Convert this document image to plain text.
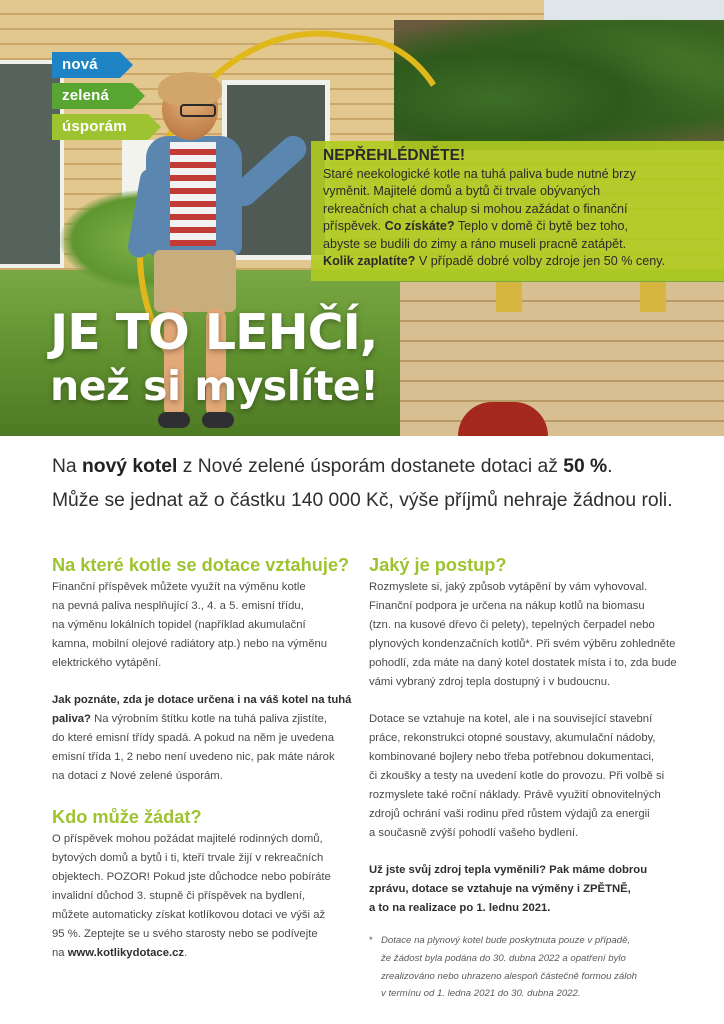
nová
zelená
úsporám
NEPŘEHLÉDNĚTE!
Staré neekologické kotle na tuhá paliva bude nutné brzy
vyměnit. Majitelé domů a bytů či trvale obývaných
rekreačních chat a chalup si mohou zažádat o finanční
příspěvek. Co získáte? Teplo v domě či bytě bez toho,
abyste se budili do zimy a ráno museli pracně zatápět.
Kolik zaplatíte? V případě dobré volby zdroje jen 50 % ceny.
JE TO LEHČÍ,
než si myslíte!
Na nový kotel z Nové zelené úsporám dostanete dotaci až 50 %.
Může se jednat až o částku 140 000 Kč, výše příjmů nehraje žádnou roli.
Na které kotle se dotace vztahuje?

Finanční příspěvek můžete využít na výměnu kotle
na pevná paliva nesplňující 3., 4. a 5. emisní třídu,
na výměnu lokálních topidel (například akumulační
kamna, mobilní olejové radiátory atp.) nebo na výměnu
elektrického vytápění.

Jak poznáte, zda je dotace určena i na váš kotel na tuhá
paliva? Na výrobním štítku kotle na tuhá paliva zjistíte,
do které emisní třídy spadá. A pokud na něm je uvedena
emisní třída 1, 2 nebo není uvedeno nic, pak máte nárok
na dotaci z Nové zelené úsporám.

Kdo může žádat?

O příspěvek mohou požádat majitelé rodinných domů,
bytových domů a bytů i ti, kteří trvale žijí v rekreačních
objektech. POZOR! Pokud jste důchodce nebo pobíráte
invalidní důchod 3. stupně či příspěvek na bydlení,
můžete automaticky získat kotlíkovou dotaci ve výši až
95 %. Zeptejte se u svého starosty nebo se podívejte
na www.kotlikydotace.cz.

Jaký je postup?

Rozmyslete si, jaký způsob vytápění by vám vyhovoval.
Finanční podpora je určena na nákup kotlů na biomasu
(tzn. na kusové dřevo či pelety), tepelných čerpadel nebo
plynových kondenzačních kotlů*. Při svém výběru zohledněte
pohodlí, zda máte na daný kotel dostatek místa i to, zda bude
vámi vybraný zdroj tepla dostupný i v budoucnu.

Dotace se vztahuje na kotel, ale i na související stavební
práce, rekonstrukci otopné soustavy, akumulační nádoby,
kombinované bojlery nebo třeba potřebnou dokumentaci,
či zkoušky a testy na uvedení kotle do provozu. Při volbě si
rozmyslete také roční náklady. Právě využití obnovitelných
zdrojů ochrání vaši rodinu před růstem výdajů za energii
a současně zvýší pohodlí vašeho bydlení.

Už jste svůj zdroj tepla vyměnili? Pak máme dobrou
zprávu, dotace se vztahuje na výměny i ZPĚTNĚ,
a to na realizace po 1. lednu 2021.

* Dotace na plynový kotel bude poskytnuta pouze v případě,
že žádost byla podána do 30. dubna 2022 a opatření bylo
zrealizováno nebo uhrazeno alespoň částečně formou záloh
v termínu od 1. ledna 2021 do 30. dubna 2022.
